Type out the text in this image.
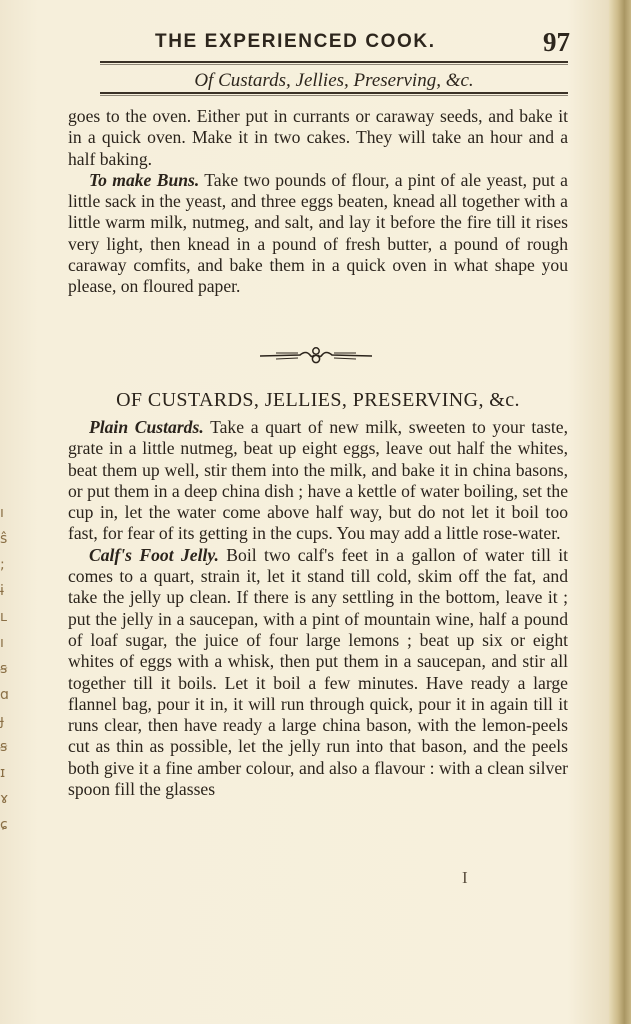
ı
ŝ
;
ɨ
ʟ
ı
ꞩ
ɑ
ɟ
ꞩ
ɪ
ɤ
ɕ
THE EXPERIENCED COOK.	97
Of Custards, Jellies, Preserving, &c.

goes to the oven. Either put in currants or caraway seeds, and bake it in a quick oven. Make it in two cakes. They will take an hour and a half baking.

To make Buns. Take two pounds of flour, a pint of ale yeast, put a little sack in the yeast, and three eggs beaten, knead all together with a little warm milk, nutmeg, and salt, and lay it before the fire till it rises very light, then knead in a pound of fresh butter, a pound of rough caraway comfits, and bake them in a quick oven in what shape you please, on floured paper.

OF CUSTARDS, JELLIES, PRESERVING, &c.

Plain Custards. Take a quart of new milk, sweeten to your taste, grate in a little nutmeg, beat up eight eggs, leave out half the whites, beat them up well, stir them into the milk, and bake it in china basons, or put them in a deep china dish ; have a kettle of water boiling, set the cup in, let the water come above half way, but do not let it boil too fast, for fear of its getting in the cups. You may add a little rose-water.

Calf's Foot Jelly. Boil two calf's feet in a gallon of water till it comes to a quart, strain it, let it stand till cold, skim off the fat, and take the jelly up clean. If there is any settling in the bottom, leave it ; put the jelly in a saucepan, with a pint of mountain wine, half a pound of loaf sugar, the juice of four large lemons ; beat up six or eight whites of eggs with a whisk, then put them in a saucepan, and stir all together till it boils. Let it boil a few minutes. Have ready a large flannel bag, pour it in, it will run through quick, pour it in again till it runs clear, then have ready a large china bason, with the lemon-peels cut as thin as possible, let the jelly run into that bason, and the peels both give it a fine amber colour, and also a flavour : with a clean silver spoon fill the glasses

I
